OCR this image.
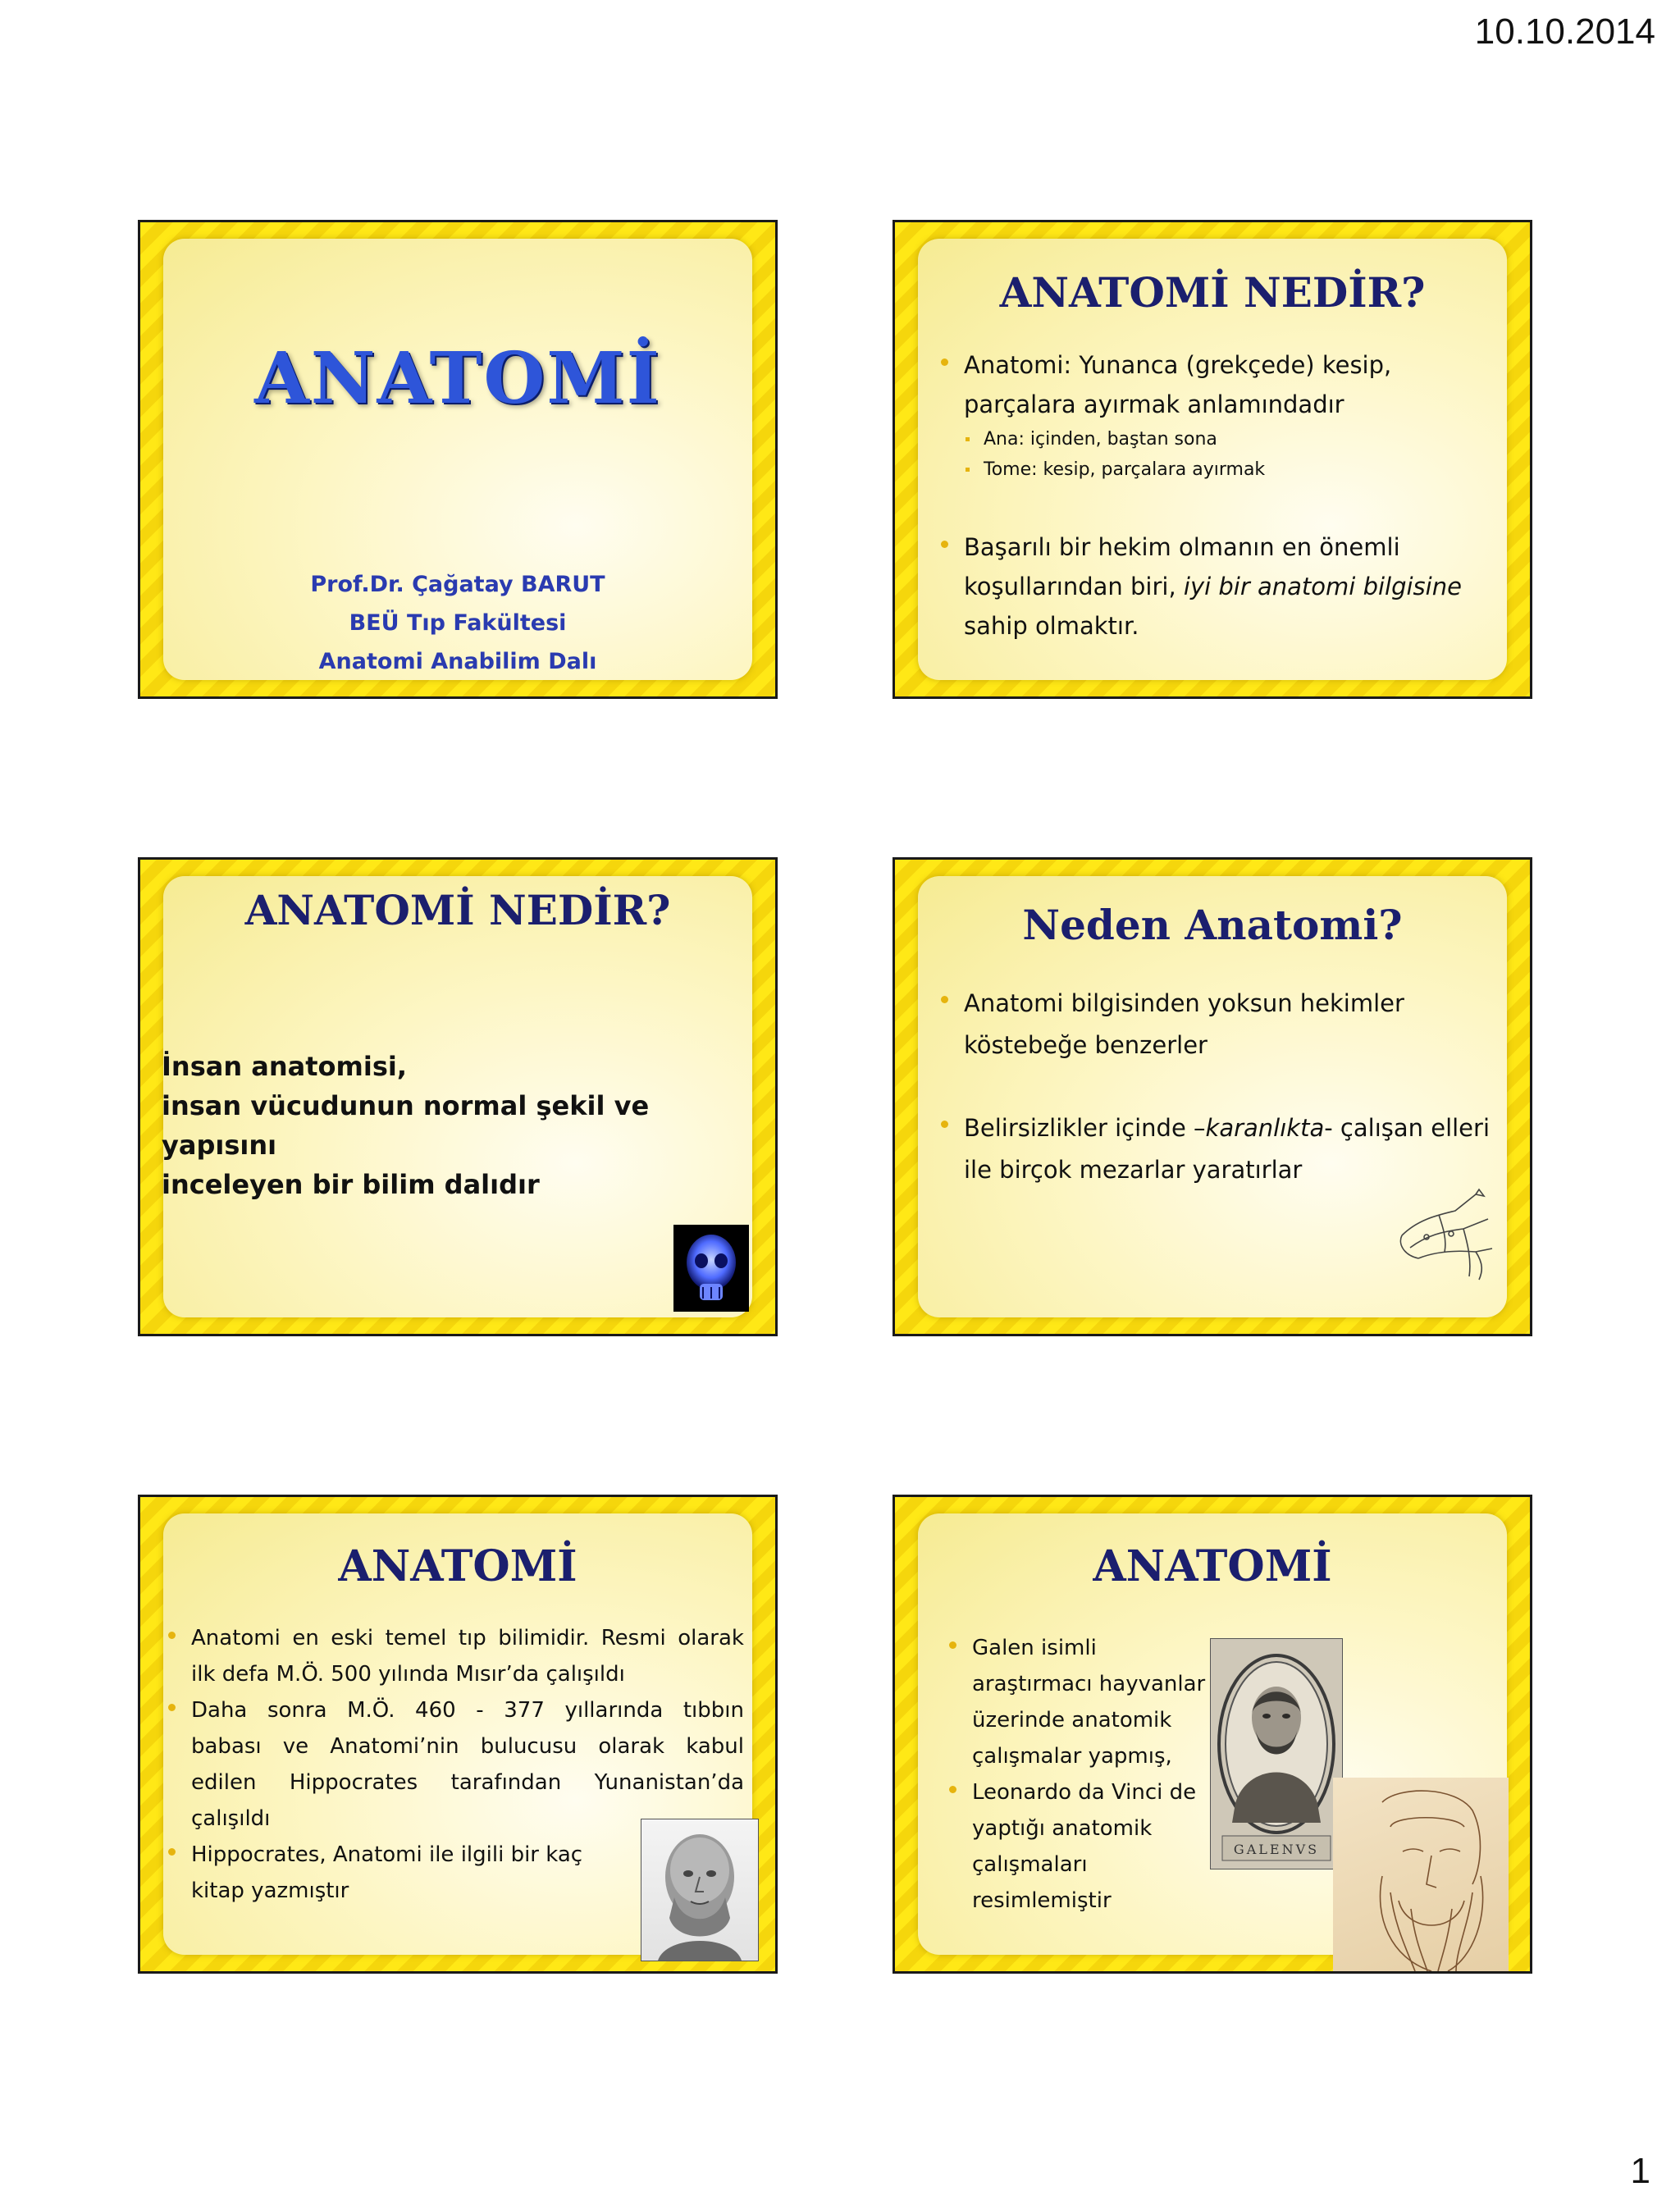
10.10.2014
ANATOMİ
Prof.Dr. Çağatay BARUT
BEÜ Tıp Fakültesi
Anatomi Anabilim Dalı
ANATOMİ NEDİR?
Anatomi: Yunanca (grekçede) kesip,
parçalara ayırmak anlamındadır
Ana: içinden, baştan sona
Tome: kesip, parçalara ayırmak
Başarılı bir hekim olmanın en önemli
koşullarından biri, iyi bir anatomi bilgisine
sahip olmaktır.
ANATOMİ NEDİR?
İnsan anatomisi,
insan vücudunun normal şekil ve yapısını
inceleyen bir bilim dalıdır
Neden Anatomi?
Anatomi bilgisinden yoksun hekimler
köstebeğe benzerler
Belirsizlikler içinde –karanlıkta- çalışan elleri
ile birçok mezarlar yaratırlar
ANATOMİ
Anatomi en eski temel tıp bilimidir. Resmi olarak
ilk defa M.Ö. 500 yılında Mısır’da çalışıldı
Daha sonra M.Ö. 460 - 377 yıllarında tıbbın
babası ve Anatomi’nin bulucusu olarak kabul
edilen Hippocrates tarafından Yunanistan’da
çalışıldı
Hippocrates, Anatomi ile ilgili bir kaç
kitap yazmıştır
ANATOMİ
Galen isimli
araştırmacı hayvanlar
üzerinde anatomik
çalışmalar yapmış,
Leonardo da Vinci de
yaptığı anatomik
çalışmaları
resimlemiştir
GALENVS
1
